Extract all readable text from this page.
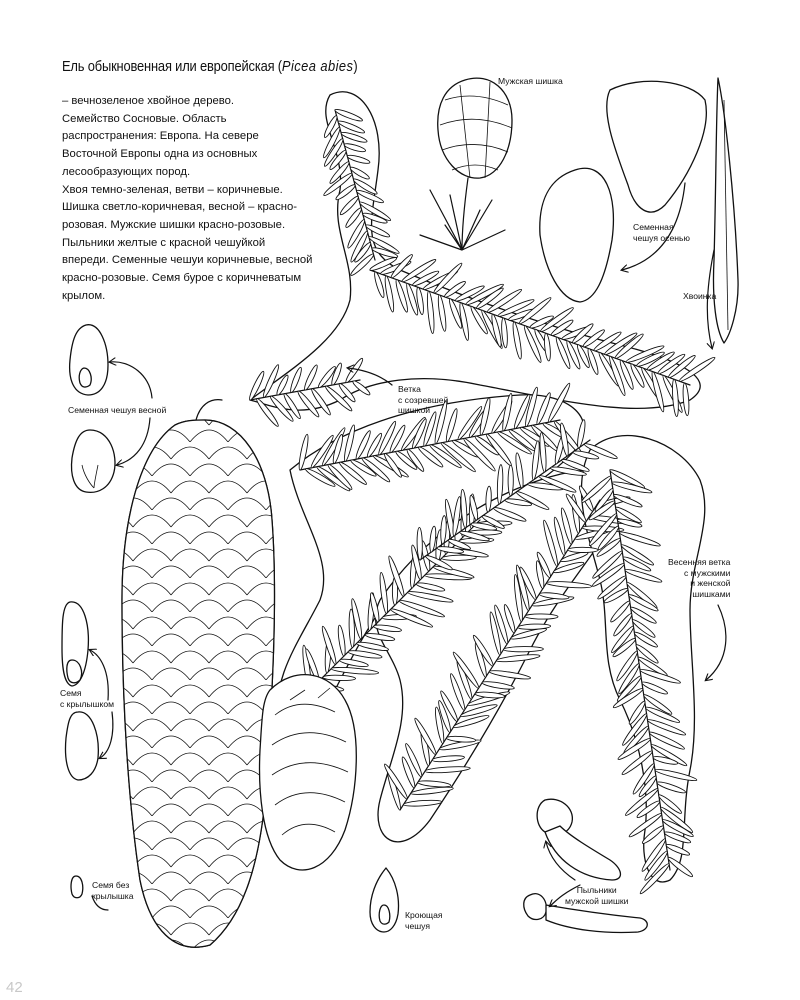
Ель обыкновенная или европейская (Picea abies)
– вечнозеленое хвойное дерево.
Семейство Сосновые. Область
распространения: Европа. На севере
Восточной Европы одна из основных
лесообразующих пород.
Хвоя темно-зеленая, ветви – коричневые.
Шишка светло-коричневая, весной – красно-
розовая. Мужские шишки красно-розовые.
Пыльники желтые с красной чешуйкой
впереди. Семенные чешуи коричневые, весной
красно-розовые. Семя бурое с коричневатым
крылом.
Мужская шишка
Семенная
чешуя осенью
Хвоинка
Семенная чешуя весной
Ветка
с созревшей
шишкой
Весенняя ветка
с мужскими
и женской
шишками
Семя
с крылышком
Семя без
крылышка
Кроющая
чешуя
Пыльники
мужской шишки
42
